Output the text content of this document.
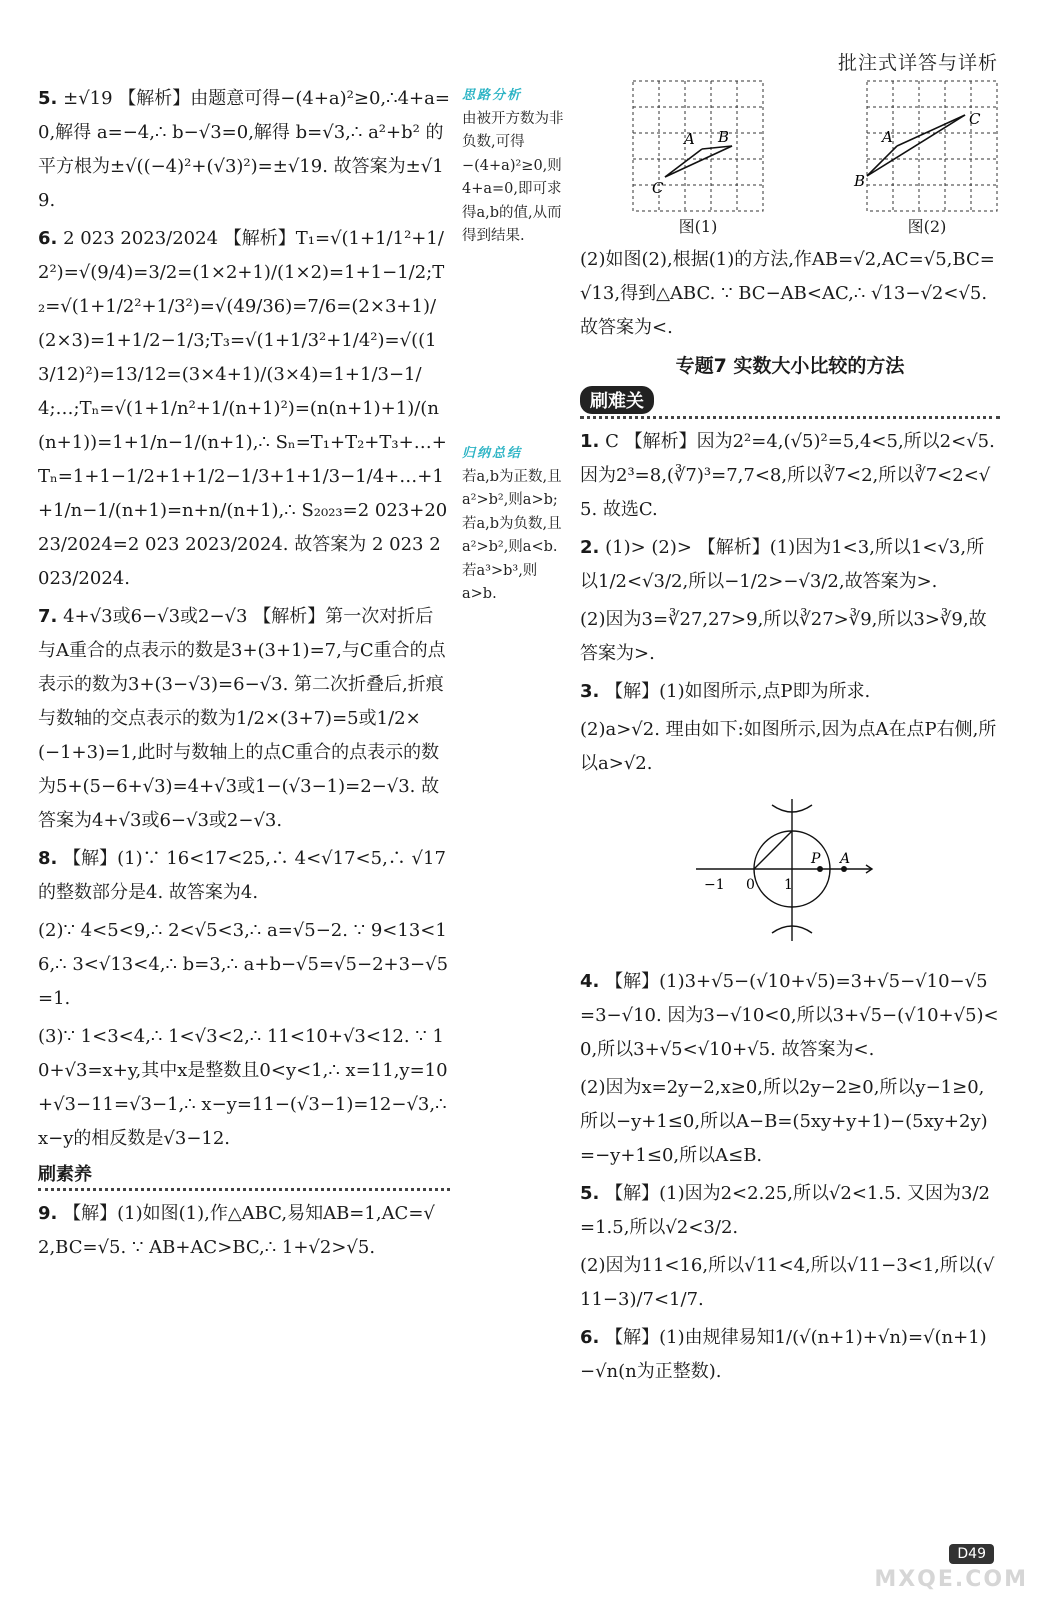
批注式详答与详析
5. ±√19 【解析】由题意可得−(4+a)²≥0,∴4+a=0,解得 a=−4,∴ b−√3=0,解得 b=√3,∴ a²+b² 的平方根为±√((−4)²+(√3)²)=±√19. 故答案为±√19.
6. 2 023 2023/2024 【解析】T₁=√(1+1/1²+1/2²)=√(9/4)=3/2=(1×2+1)/(1×2)=1+1−1/2;T₂=√(1+1/2²+1/3²)=√(49/36)=7/6=(2×3+1)/(2×3)=1+1/2−1/3;T₃=√(1+1/3²+1/4²)=√((13/12)²)=13/12=(3×4+1)/(3×4)=1+1/3−1/4;…;Tₙ=√(1+1/n²+1/(n+1)²)=(n(n+1)+1)/(n(n+1))=1+1/n−1/(n+1),∴ Sₙ=T₁+T₂+T₃+…+Tₙ=1+1−1/2+1+1/2−1/3+1+1/3−1/4+…+1+1/n−1/(n+1)=n+n/(n+1),∴ S₂₀₂₃=2 023+2023/2024=2 023 2023/2024. 故答案为 2 023 2023/2024.
7. 4+√3或6−√3或2−√3 【解析】第一次对折后与A重合的点表示的数是3+(3+1)=7,与C重合的点表示的数为3+(3−√3)=6−√3. 第二次折叠后,折痕与数轴的交点表示的数为1/2×(3+7)=5或1/2×(−1+3)=1,此时与数轴上的点C重合的点表示的数为5+(5−6+√3)=4+√3或1−(√3−1)=2−√3. 故答案为4+√3或6−√3或2−√3.
8. 【解】(1)∵ 16<17<25,∴ 4<√17<5,∴ √17的整数部分是4. 故答案为4.
(2)∵ 4<5<9,∴ 2<√5<3,∴ a=√5−2. ∵ 9<13<16,∴ 3<√13<4,∴ b=3,∴ a+b−√5=√5−2+3−√5=1.
(3)∵ 1<3<4,∴ 1<√3<2,∴ 11<10+√3<12. ∵ 10+√3=x+y,其中x是整数且0<y<1,∴ x=11,y=10+√3−11=√3−1,∴ x−y=11−(√3−1)=12−√3,∴ x−y的相反数是√3−12.
刷素养
9. 【解】(1)如图(1),作△ABC,易知AB=1,AC=√2,BC=√5. ∵ AB+AC>BC,∴ 1+√2>√5.
思路分析
由被开方数为非负数,可得−(4+a)²≥0,则4+a=0,即可求得a,b的值,从而得到结果.
归纳总结
若a,b为正数,且a²>b²,则a>b;若a,b为负数,且a²>b²,则a<b. 若a³>b³,则a>b.
A B
C
图(1)
A
B
C
图(2)
(2)如图(2),根据(1)的方法,作AB=√2,AC=√5,BC=√13,得到△ABC. ∵ BC−AB<AC,∴ √13−√2<√5. 故答案为<.
专题7 实数大小比较的方法
刷难关
1. C 【解析】因为2²=4,(√5)²=5,4<5,所以2<√5. 因为2³=8,(∛7)³=7,7<8,所以∛7<2,所以∛7<2<√5. 故选C.
2. (1)> (2)> 【解析】(1)因为1<3,所以1<√3,所以1/2<√3/2,所以−1/2>−√3/2,故答案为>.
(2)因为3=∛27,27>9,所以∛27>∛9,所以3>∛9,故答案为>.
3. 【解】(1)如图所示,点P即为所求.
(2)a>√2. 理由如下:如图所示,因为点A在点P右侧,所以a>√2.
−1 0 1
P A
4. 【解】(1)3+√5−(√10+√5)=3+√5−√10−√5=3−√10. 因为3−√10<0,所以3+√5−(√10+√5)<0,所以3+√5<√10+√5. 故答案为<.
(2)因为x=2y−2,x≥0,所以2y−2≥0,所以y−1≥0,所以−y+1≤0,所以A−B=(5xy+y+1)−(5xy+2y)=−y+1≤0,所以A≤B.
5. 【解】(1)因为2<2.25,所以√2<1.5. 又因为3/2=1.5,所以√2<3/2.
(2)因为11<16,所以√11<4,所以√11−3<1,所以(√11−3)/7<1/7.
6. 【解】(1)由规律易知1/(√(n+1)+√n)=√(n+1)−√n(n为正整数).
D49
MXQE.COM
